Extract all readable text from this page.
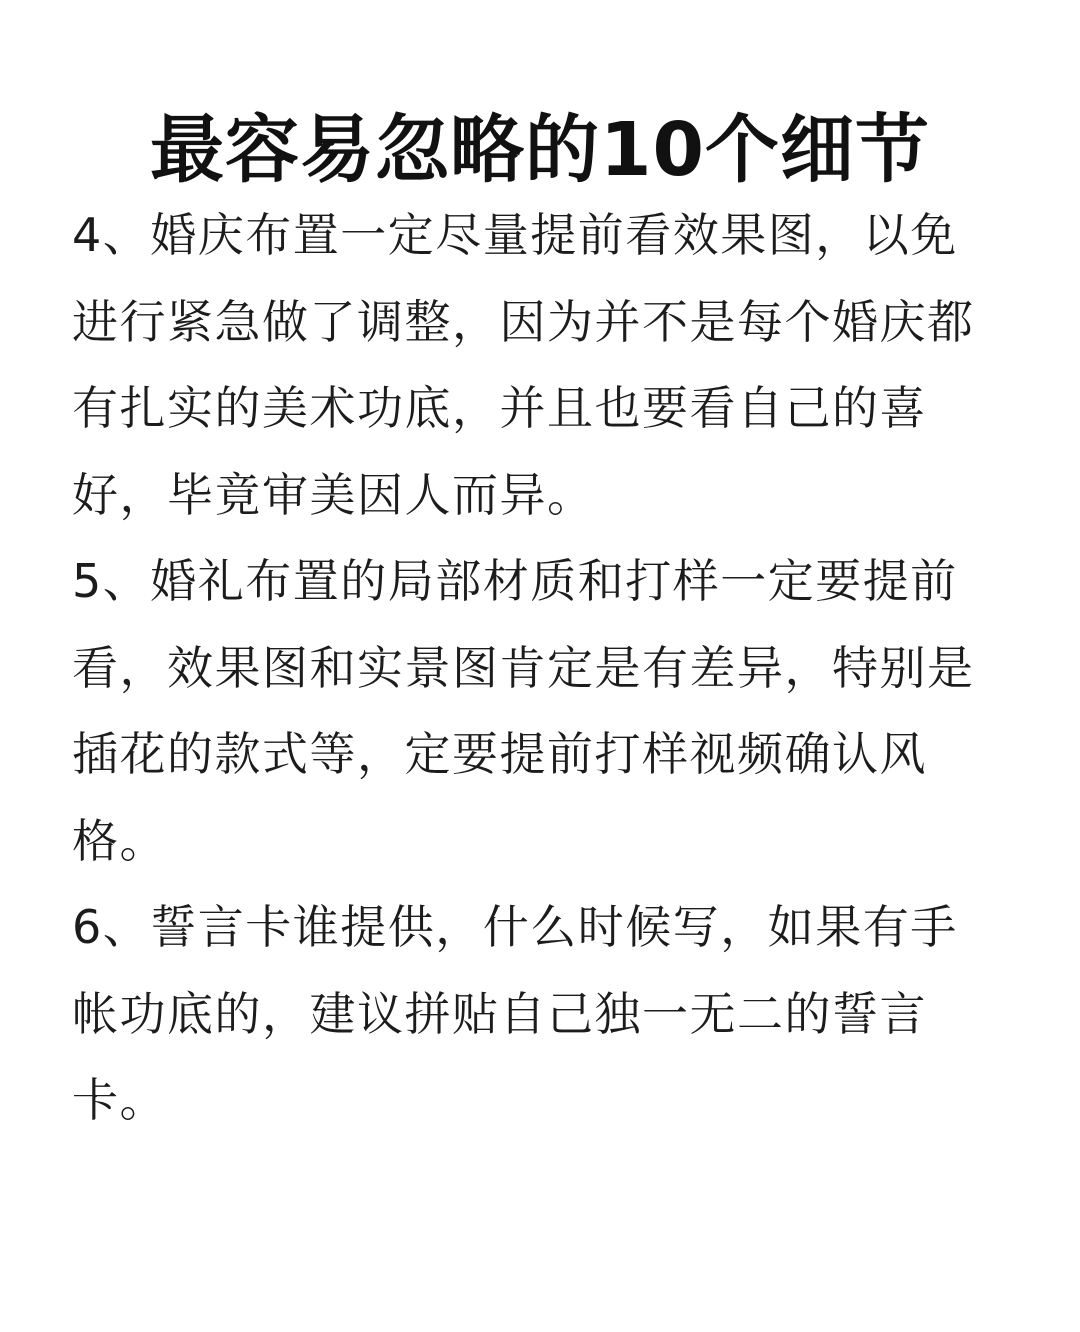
最容易忽略的10个细节

4、婚庆布置一定尽量提前看效果图，以免进行紧急做了调整，因为并不是每个婚庆都有扎实的美术功底，并且也要看自己的喜好，毕竟审美因人而异。

5、婚礼布置的局部材质和打样一定要提前看，效果图和实景图肯定是有差异，特别是插花的款式等，定要提前打样视频确认风格。

6、誓言卡谁提供，什么时候写，如果有手帐功底的，建议拼贴自己独一无二的誓言卡。
